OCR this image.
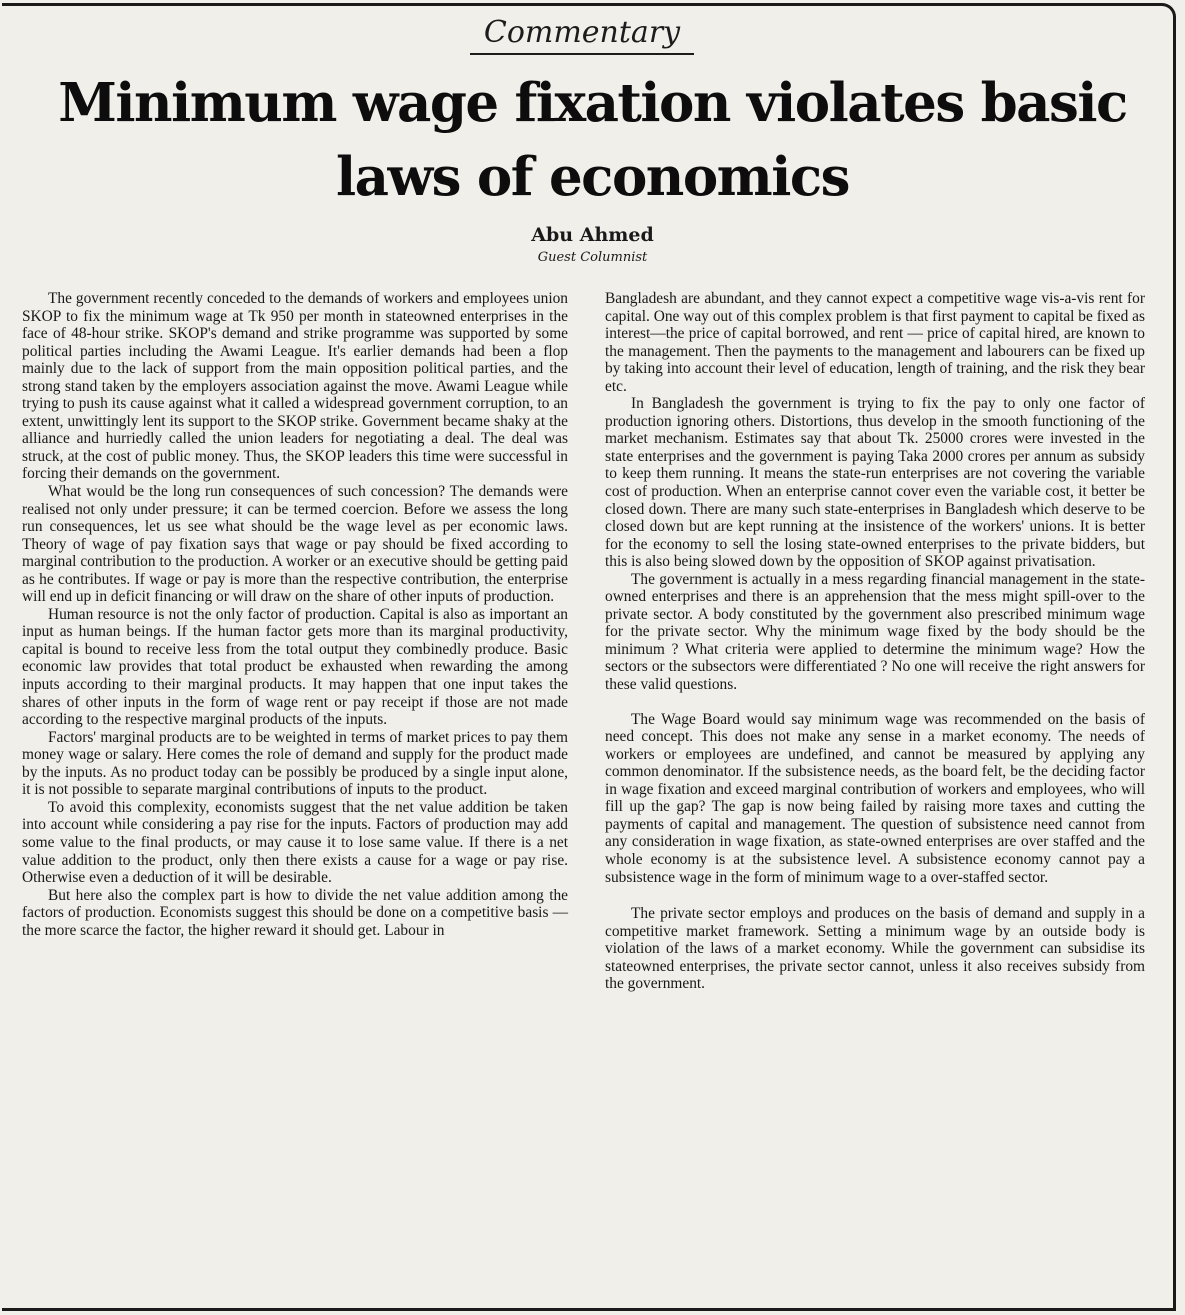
Commentary
Minimum wage fixation violates basic
laws of economics
Abu Ahmed
Guest Columnist

The government recently conceded to the demands of workers and employees union SKOP to fix the minimum wage at Tk 950 per month in stateowned enterprises in the face of 48-hour strike. SKOP's demand and strike programme was supported by some political parties including the Awami League. It's earlier demands had been a flop mainly due to the lack of support from the main opposition political parties, and the strong stand taken by the employers association against the move. Awami League while trying to push its cause against what it called a widespread government corruption, to an extent, unwittingly lent its support to the SKOP strike. Government became shaky at the alliance and hurriedly called the union leaders for negotiating a deal. The deal was struck, at the cost of public money. Thus, the SKOP leaders this time were successful in forcing their demands on the government.

What would be the long run consequences of such concession? The demands were realised not only under pressure; it can be termed coercion. Before we assess the long run consequences, let us see what should be the wage level as per economic laws. Theory of wage of pay fixation says that wage or pay should be fixed according to marginal contribution to the production. A worker or an executive should be getting paid as he contributes. If wage or pay is more than the respective contribution, the enterprise will end up in deficit financing or will draw on the share of other inputs of production.

Human resource is not the only factor of production. Capital is also as important an input as human beings. If the human factor gets more than its marginal productivity, capital is bound to receive less from the total output they combinedly produce. Basic economic law provides that total product be exhausted when rewarding the among inputs according to their marginal products. It may happen that one input takes the shares of other inputs in the form of wage rent or pay receipt if those are not made according to the respective marginal products of the inputs.

Factors' marginal products are to be weighted in terms of market prices to pay them money wage or salary. Here comes the role of demand and supply for the product made by the inputs. As no product today can be possibly be produced by a single input alone, it is not possible to separate marginal contributions of inputs to the product.

To avoid this complexity, economists suggest that the net value addition be taken into account while considering a pay rise for the inputs. Factors of production may add some value to the final products, or may cause it to lose same value. If there is a net value addition to the product, only then there exists a cause for a wage or pay rise. Otherwise even a deduction of it will be desirable.

But here also the complex part is how to divide the net value addition among the factors of production. Economists suggest this should be done on a competitive basis — the more scarce the factor, the higher reward it should get. Labour in

Bangladesh are abundant, and they cannot expect a competitive wage vis-a-vis rent for capital. One way out of this complex problem is that first payment to capital be fixed as interest—the price of capital borrowed, and rent — price of capital hired, are known to the management. Then the payments to the management and labourers can be fixed up by taking into account their level of education, length of training, and the risk they bear etc.

In Bangladesh the government is trying to fix the pay to only one factor of production ignoring others. Distortions, thus develop in the smooth functioning of the market mechanism. Estimates say that about Tk. 25000 crores were invested in the state enterprises and the government is paying Taka 2000 crores per annum as subsidy to keep them running. It means the state-run enterprises are not covering the variable cost of production. When an enterprise cannot cover even the variable cost, it better be closed down. There are many such state-enterprises in Bangladesh which deserve to be closed down but are kept running at the insistence of the workers' unions. It is better for the economy to sell the losing state-owned enterprises to the private bidders, but this is also being slowed down by the opposition of SKOP against privatisation.

The government is actually in a mess regarding financial management in the state-owned enterprises and there is an apprehension that the mess might spill-over to the private sector. A body constituted by the government also prescribed minimum wage for the private sector. Why the minimum wage fixed by the body should be the minimum ? What criteria were applied to determine the minimum wage? How the sectors or the subsectors were differentiated ? No one will receive the right answers for these valid questions.

The Wage Board would say minimum wage was recommended on the basis of need concept. This does not make any sense in a market economy. The needs of workers or employees are undefined, and cannot be measured by applying any common denominator. If the subsistence needs, as the board felt, be the deciding factor in wage fixation and exceed marginal contribution of workers and employees, who will fill up the gap? The gap is now being failed by raising more taxes and cutting the payments of capital and management. The question of subsistence need cannot from any consideration in wage fixation, as state-owned enterprises are over staffed and the whole economy is at the subsistence level. A subsistence economy cannot pay a subsistence wage in the form of minimum wage to a over-staffed sector.

The private sector employs and produces on the basis of demand and supply in a competitive market framework. Setting a minimum wage by an outside body is violation of the laws of a market economy. While the government can subsidise its stateowned enterprises, the private sector cannot, unless it also receives subsidy from the government.
